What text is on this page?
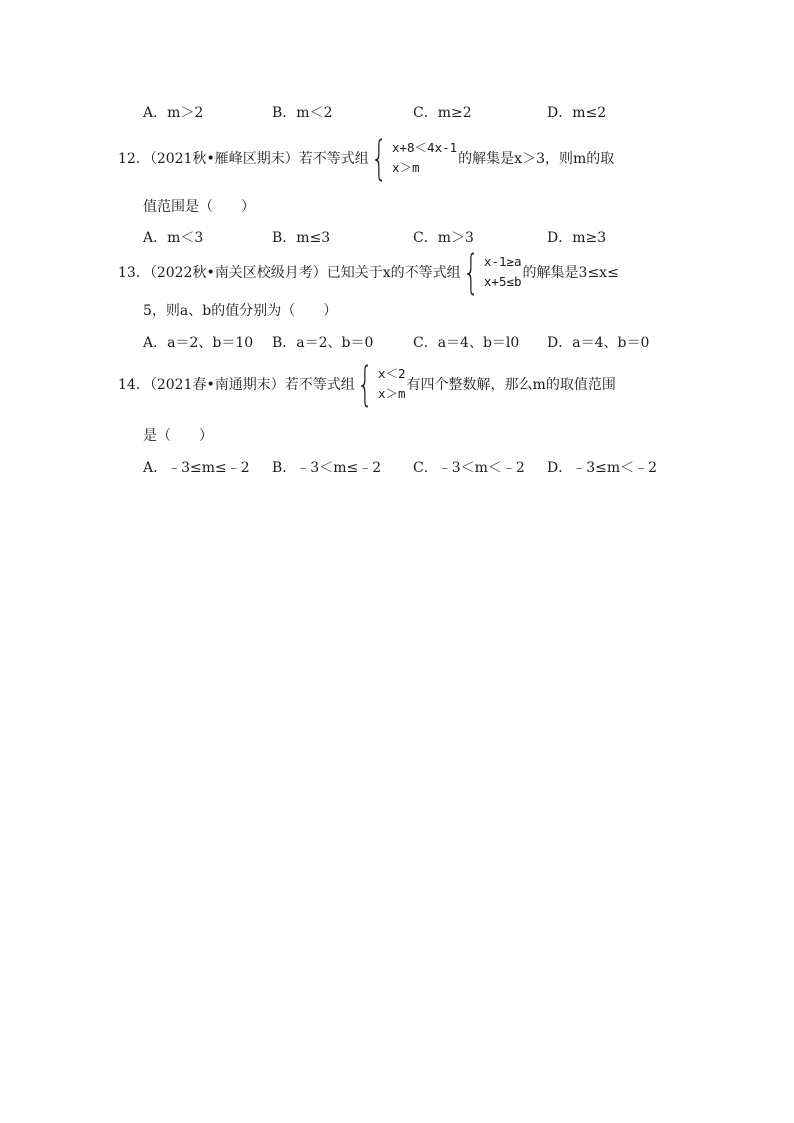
A．m＞2	B．m＜2	C．m≥2	D．m≤2
12．（2021秋•雁峰区期末）若不等式组 { x+8＜4x-1
x＞m
的解集是x＞3，则m的取
值范围是（　　）
A．m＜3	B．m≤3	C．m＞3	D．m≥3
13．（2022秋•南关区校级月考）已知关于x的不等式组 { x-1≥a
x+5≤b
的解集是3≤x≤
5，则a、b的值分别为（　　）
A．a＝2、b＝10 B．a＝2、b＝0	C．a＝4、b＝l0 D．a＝4、b＝0
14．（2021春•南通期末）若不等式组 { x＜2
x＞m
有四个整数解，那么m的取值范围
是（　　）
A．﹣3≤m≤﹣2 B．﹣3＜m≤﹣2 C．﹣3＜m＜﹣2 D．﹣3≤m＜﹣2
